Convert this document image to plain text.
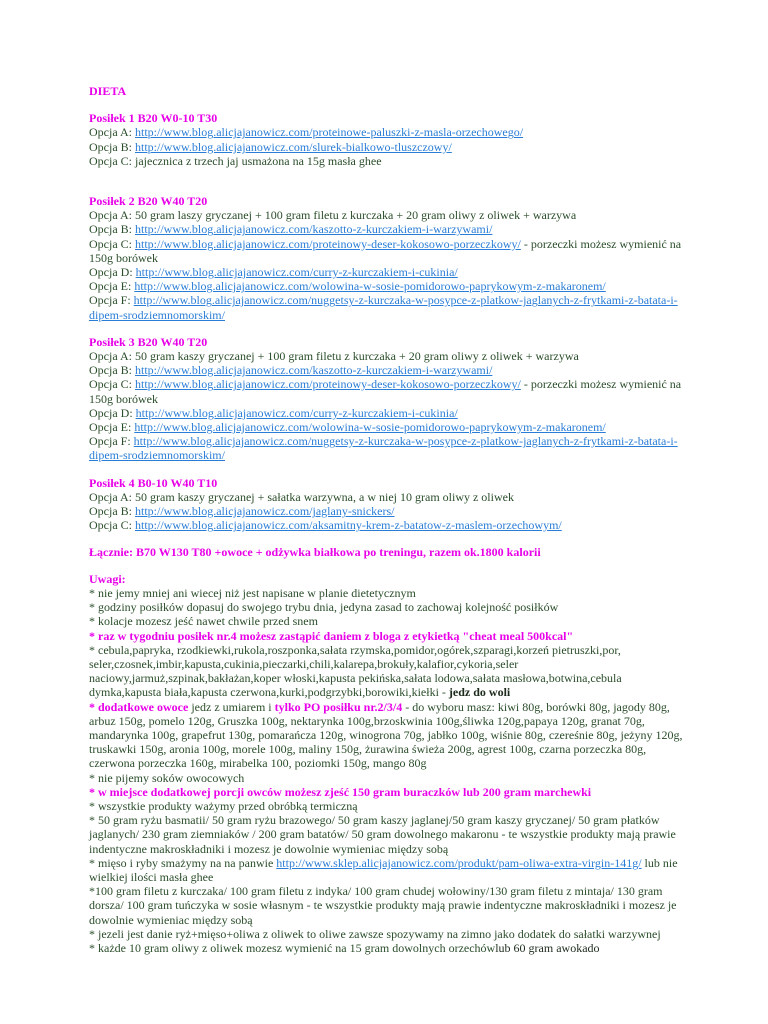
DIETA
Posiłek 1 B20 W0-10 T30
Opcja A: http://www.blog.alicjajanowicz.com/proteinowe-paluszki-z-masla-orzechowego/
Opcja B: http://www.blog.alicjajanowicz.com/slurek-bialkowo-tluszczowy/
Opcja C: jajecznica z trzech jaj usmażona na 15g masła ghee
Posiłek 2 B20 W40 T20
Opcja A: 50 gram laszy gryczanej + 100 gram filetu z kurczaka + 20 gram oliwy z oliwek + warzywa
Opcja B: http://www.blog.alicjajanowicz.com/kaszotto-z-kurczakiem-i-warzywami/
Opcja C: http://www.blog.alicjajanowicz.com/proteinowy-deser-kokosowo-porzeczkowy/ - porzeczki możesz wymienić na 150g borówek
Opcja D: http://www.blog.alicjajanowicz.com/curry-z-kurczakiem-i-cukinia/
Opcja E: http://www.blog.alicjajanowicz.com/wolowina-w-sosie-pomidorowo-paprykowym-z-makaronem/
Opcja F: http://www.blog.alicjajanowicz.com/nuggetsy-z-kurczaka-w-posypce-z-platkow-jaglanych-z-frytkami-z-batata-i-dipem-srodziemnomorskim/
Posiłek 3 B20 W40 T20
Opcja A: 50 gram kaszy gryczanej + 100 gram filetu z kurczaka + 20 gram oliwy z oliwek + warzywa
Opcja B: http://www.blog.alicjajanowicz.com/kaszotto-z-kurczakiem-i-warzywami/
Opcja C: http://www.blog.alicjajanowicz.com/proteinowy-deser-kokosowo-porzeczkowy/ - porzeczki możesz wymienić na 150g borówek
Opcja D: http://www.blog.alicjajanowicz.com/curry-z-kurczakiem-i-cukinia/
Opcja E: http://www.blog.alicjajanowicz.com/wolowina-w-sosie-pomidorowo-paprykowym-z-makaronem/
Opcja F: http://www.blog.alicjajanowicz.com/nuggetsy-z-kurczaka-w-posypce-z-platkow-jaglanych-z-frytkami-z-batata-i-dipem-srodziemnomorskim/
Posiłek 4 B0-10 W40 T10
Opcja A: 50 gram kaszy gryczanej + sałatka warzywna, a w niej 10 gram oliwy z oliwek
Opcja B: http://www.blog.alicjajanowicz.com/jaglany-snickers/
Opcja C: http://www.blog.alicjajanowicz.com/aksamitny-krem-z-batatow-z-maslem-orzechowym/
Łącznie: B70 W130 T80 +owoce + odżywka białkowa po treningu, razem ok.1800 kalorii
Uwagi:
* nie jemy mniej ani wiecej niż jest napisane w planie dietetycznym
* godziny posiłków dopasuj do swojego trybu dnia, jedyna zasad to zachowaj kolejność posiłków
* kolacje mozesz jeść nawet chwile przed snem
* raz w tygodniu posiłek nr.4 możesz zastąpić daniem z bloga z etykietką "cheat meal 500kcal"
* cebula,papryka, rzodkiewki,rukola,roszponka,sałata rzymska,pomidor,ogórek,szparagi,korzeń pietruszki,por, seler,czosnek,imbir,kapusta,cukinia,pieczarki,chili,kalarepa,brokuły,kalafior,cykoria,seler naciowy,jarmuż,szpinak,bakłażan,koper włoski,kapusta pekińska,sałata lodowa,sałata masłowa,botwina,cebula dymka,kapusta biała,kapusta czerwona,kurki,podgrzybki,borowiki,kiełki - jedz do woli
* dodatkowe owoce jedz z umiarem i tylko PO posiłku nr.2/3/4 - do wyboru masz: kiwi 80g, borówki 80g, jagody 80g, arbuz 150g, pomelo 120g, Gruszka 100g, nektarynka 100g,brzoskwinia 100g,śliwka 120g,papaya 120g, granat 70g, mandarynka 100g, grapefrut 130g, pomarańcza 120g, winogrona 70g, jabłko 100g, wiśnie 80g, czereśnie 80g, jeżyny 120g, truskawki 150g, aronia 100g, morele 100g, maliny 150g, żurawina świeża 200g, agrest 100g, czarna porzeczka 80g, czerwona porzeczka 160g, mirabelka 100, poziomki 150g, mango 80g
* nie pijemy soków owocowych
* w miejsce dodatkowej porcji owców możesz zjeść 150 gram buraczków lub 200 gram marchewki
* wszystkie produkty ważymy przed obróbką termiczną
* 50 gram ryżu basmatii/ 50 gram ryżu brazowego/ 50 gram kaszy jaglanej/50 gram kaszy gryczanej/ 50 gram płatków jaglanych/ 230 gram ziemniaków / 200 gram batatów/ 50 gram dowolnego makaronu - te wszystkie produkty mają prawie indentyczne makroskładniki i mozesz je dowolnie wymieniac między sobą
* mięso i ryby smażymy na na panwie http://www.sklep.alicjajanowicz.com/produkt/pam-oliwa-extra-virgin-141g/ lub nie wielkiej ilości masła ghee
*100 gram filetu z kurczaka/ 100 gram filetu z indyka/ 100 gram chudej wołowiny/130 gram filetu z mintaja/ 130 gram dorsza/ 100 gram tuńczyka w sosie własnym - te wszystkie produkty mają prawie indentyczne makroskładniki i mozesz je dowolnie wymieniac między sobą
* jezeli jest danie ryż+mięso+oliwa z oliwek to oliwe zawsze spozywamy na zimno jako dodatek do sałatki warzywnej
* każde 10 gram oliwy z oliwek mozesz wymienić na 15 gram dowolnych orzechówlub 60 gram awokado
